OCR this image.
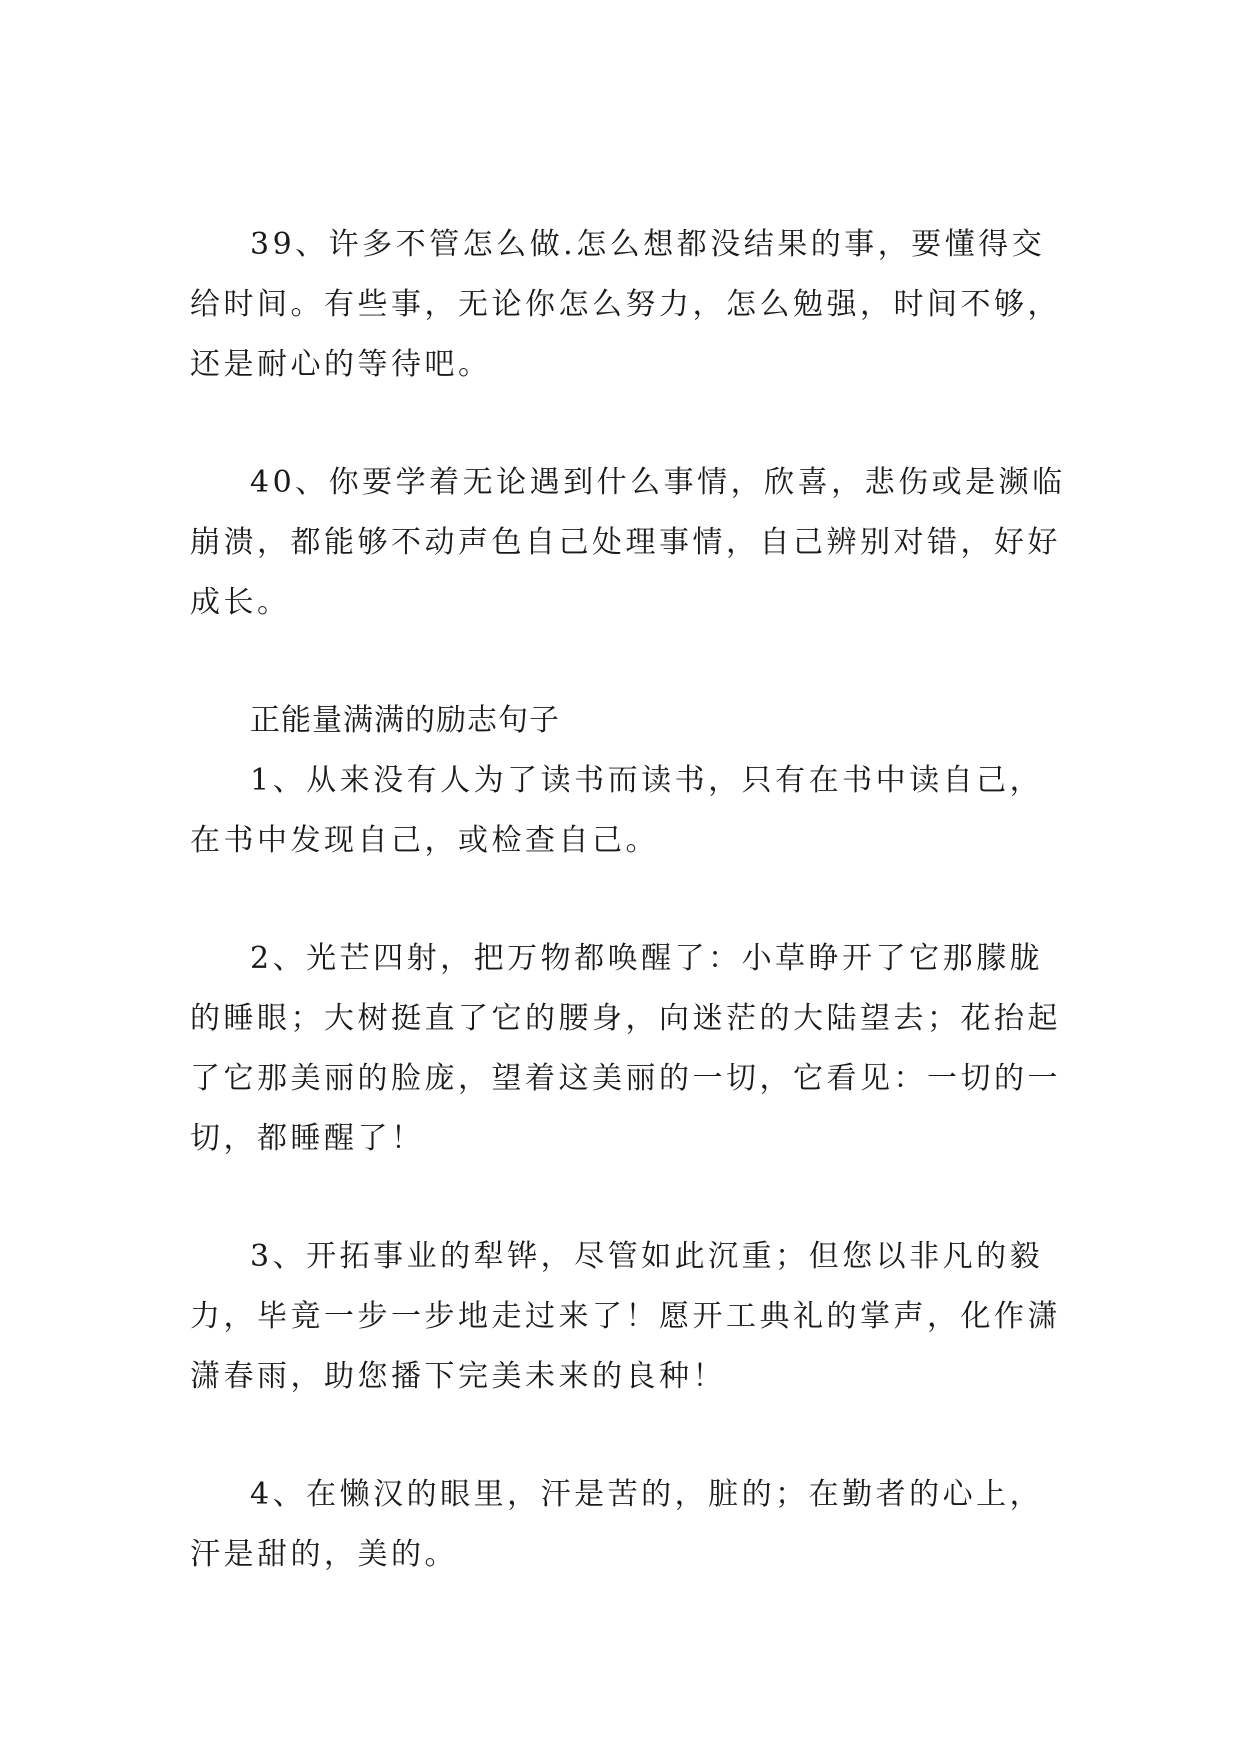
39、许多不管怎么做.怎么想都没结果的事，要懂得交给时间。有些事，无论你怎么努力，怎么勉强，时间不够，还是耐心的等待吧。

40、你要学着无论遇到什么事情，欣喜，悲伤或是濒临崩溃，都能够不动声色自己处理事情，自己辨别对错，好好成长。

正能量满满的励志句子

1、从来没有人为了读书而读书，只有在书中读自己，在书中发现自己，或检查自己。

2、光芒四射，把万物都唤醒了：小草睁开了它那朦胧的睡眼；大树挺直了它的腰身，向迷茫的大陆望去；花抬起了它那美丽的脸庞，望着这美丽的一切，它看见：一切的一切，都睡醒了！

3、开拓事业的犁铧，尽管如此沉重；但您以非凡的毅力，毕竟一步一步地走过来了！愿开工典礼的掌声，化作潇潇春雨，助您播下完美未来的良种！

4、在懒汉的眼里，汗是苦的，脏的；在勤者的心上，汗是甜的，美的。
